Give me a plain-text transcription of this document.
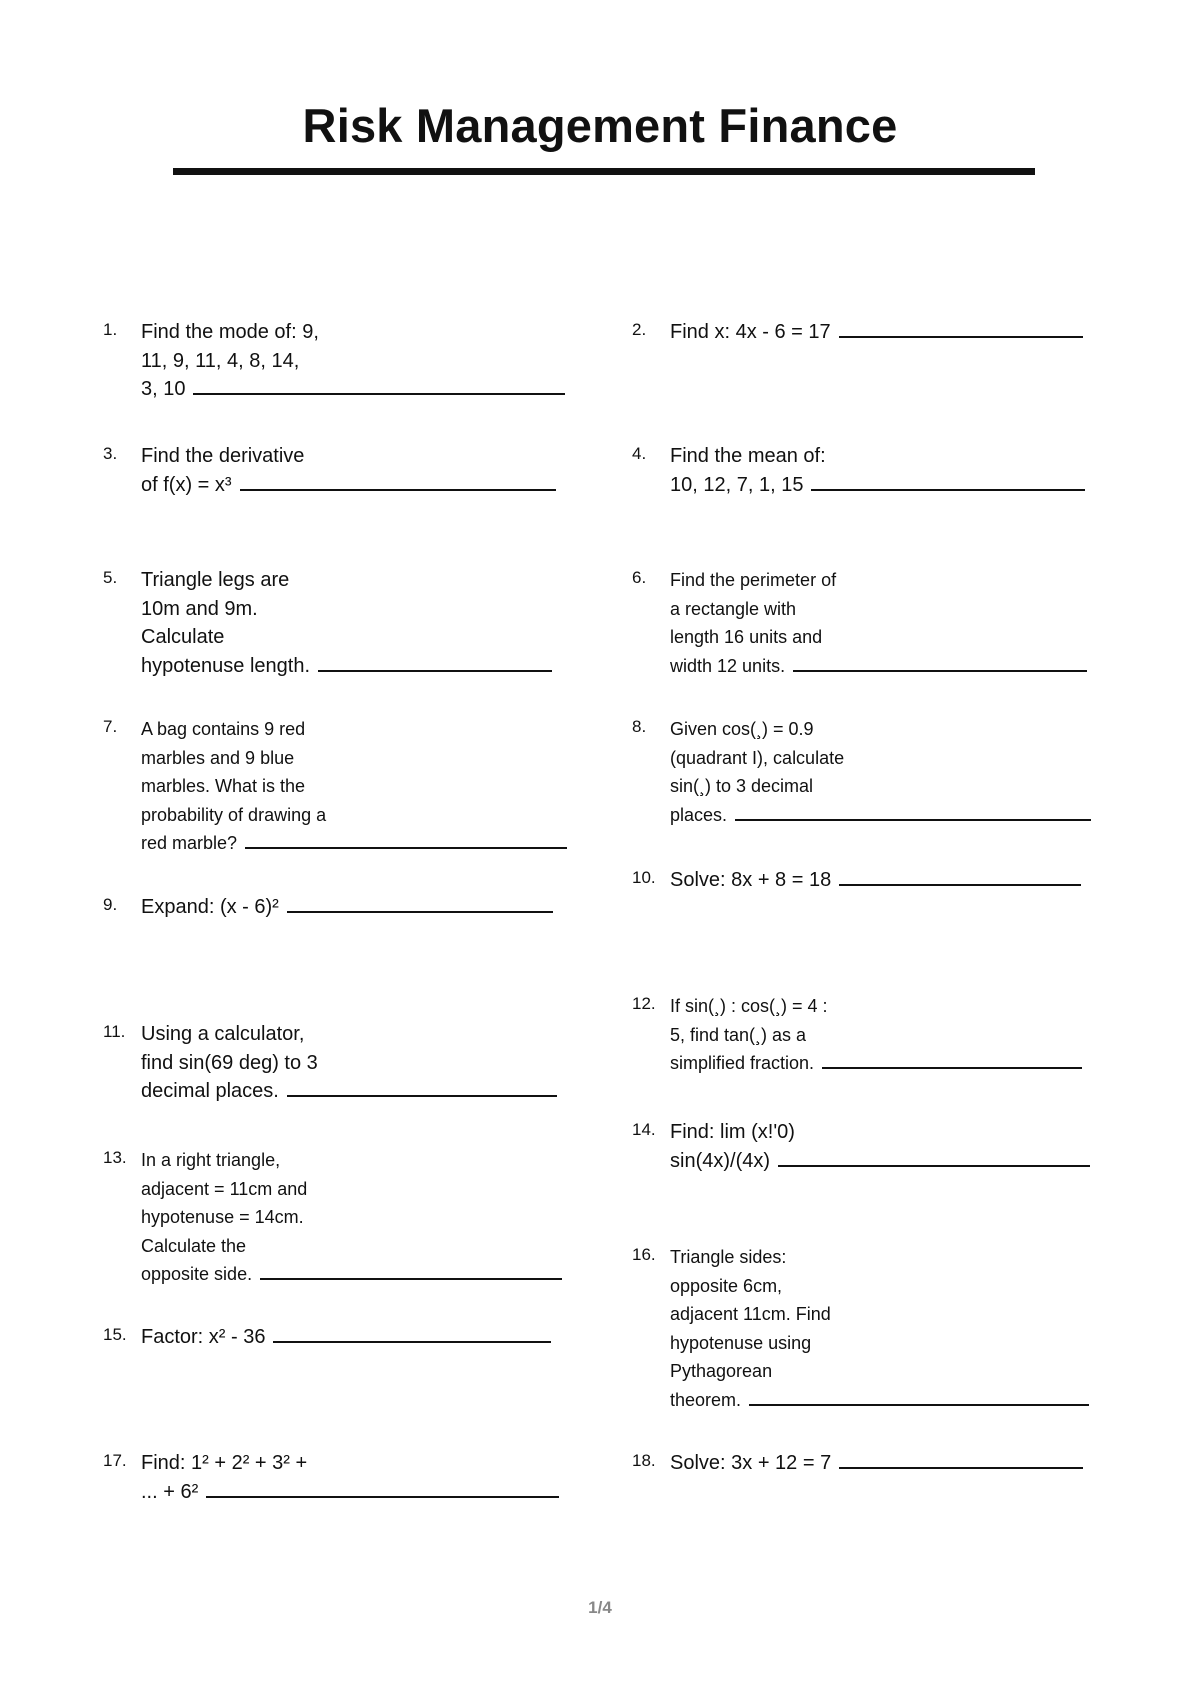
Risk Management Finance
1.	Find the mode of: 9,
11, 9, 11, 4, 8, 14,
3, 10
3.	Find the derivative
of f(x) = x³
5.	Triangle legs are
10m and 9m.
Calculate
hypotenuse length.
7.	A bag contains 9 red
marbles and 9 blue
marbles. What is the
probability of drawing a
red marble?
9.	Expand: (x - 6)²
11. Using a calculator,
find sin(69 deg) to 3
decimal places.
13. In a right triangle,
adjacent = 11cm and
hypotenuse = 14cm.
Calculate the
opposite side.
15. Factor: x² - 36
17. Find: 1² + 2² + 3² +
... + 6²
2.	Find x: 4x - 6 = 17
4.	Find the mean of:
10, 12, 7, 1, 15
6.	Find the perimeter of
a rectangle with
length 16 units and
width 12 units.
8.	Given cos(¸) = 0.9
(quadrant I), calculate
sin(¸) to 3 decimal
places.
10. Solve: 8x + 8 = 18
12. If sin(¸) : cos(¸) = 4 :
5, find tan(¸) as a
simplified fraction.
14. Find: lim (x!'0)
sin(4x)/(4x)
16. Triangle sides:
opposite 6cm,
adjacent 11cm. Find
hypotenuse using
Pythagorean
theorem.
18. Solve: 3x + 12 = 7
1/4
